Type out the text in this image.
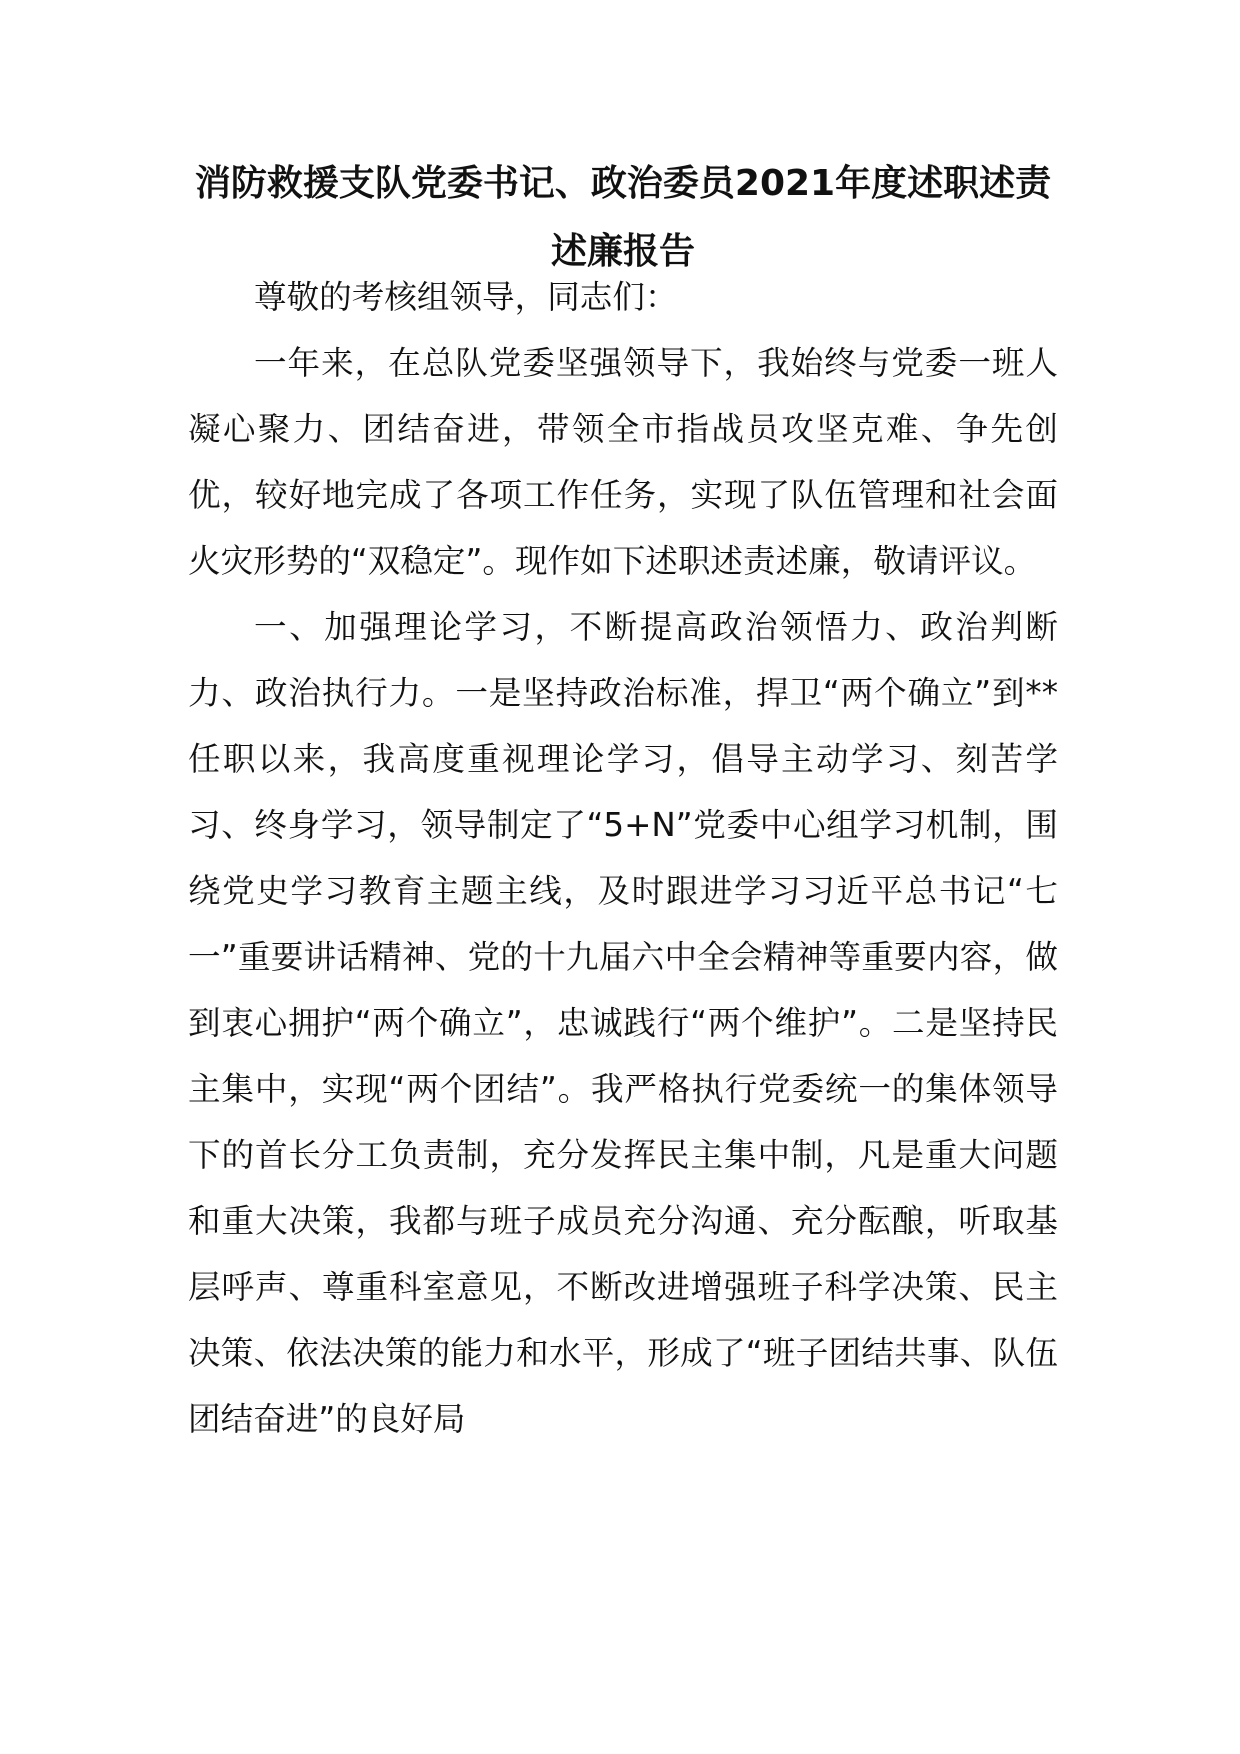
消防救援支队党委书记、政治委员2021年度述职述责述廉报告

尊敬的考核组领导，同志们：

一年来，在总队党委坚强领导下，我始终与党委一班人凝心聚力、团结奋进，带领全市指战员攻坚克难、争先创优，较好地完成了各项工作任务，实现了队伍管理和社会面火灾形势的“双稳定”。现作如下述职述责述廉，敬请评议。

一、加强理论学习，不断提高政治领悟力、政治判断力、政治执行力。一是坚持政治标准，捍卫“两个确立”到**任职以来，我高度重视理论学习，倡导主动学习、刻苦学习、终身学习，领导制定了“5+N”党委中心组学习机制，围绕党史学习教育主题主线，及时跟进学习习近平总书记“七一”重要讲话精神、党的十九届六中全会精神等重要内容，做到衷心拥护“两个确立”，忠诚践行“两个维护”。二是坚持民主集中，实现“两个团结”。我严格执行党委统一的集体领导下的首长分工负责制，充分发挥民主集中制，凡是重大问题和重大决策，我都与班子成员充分沟通、充分酝酿，听取基层呼声、尊重科室意见，不断改进增强班子科学决策、民主决策、依法决策的能力和水平，形成了“班子团结共事、队伍团结奋进”的良好局
